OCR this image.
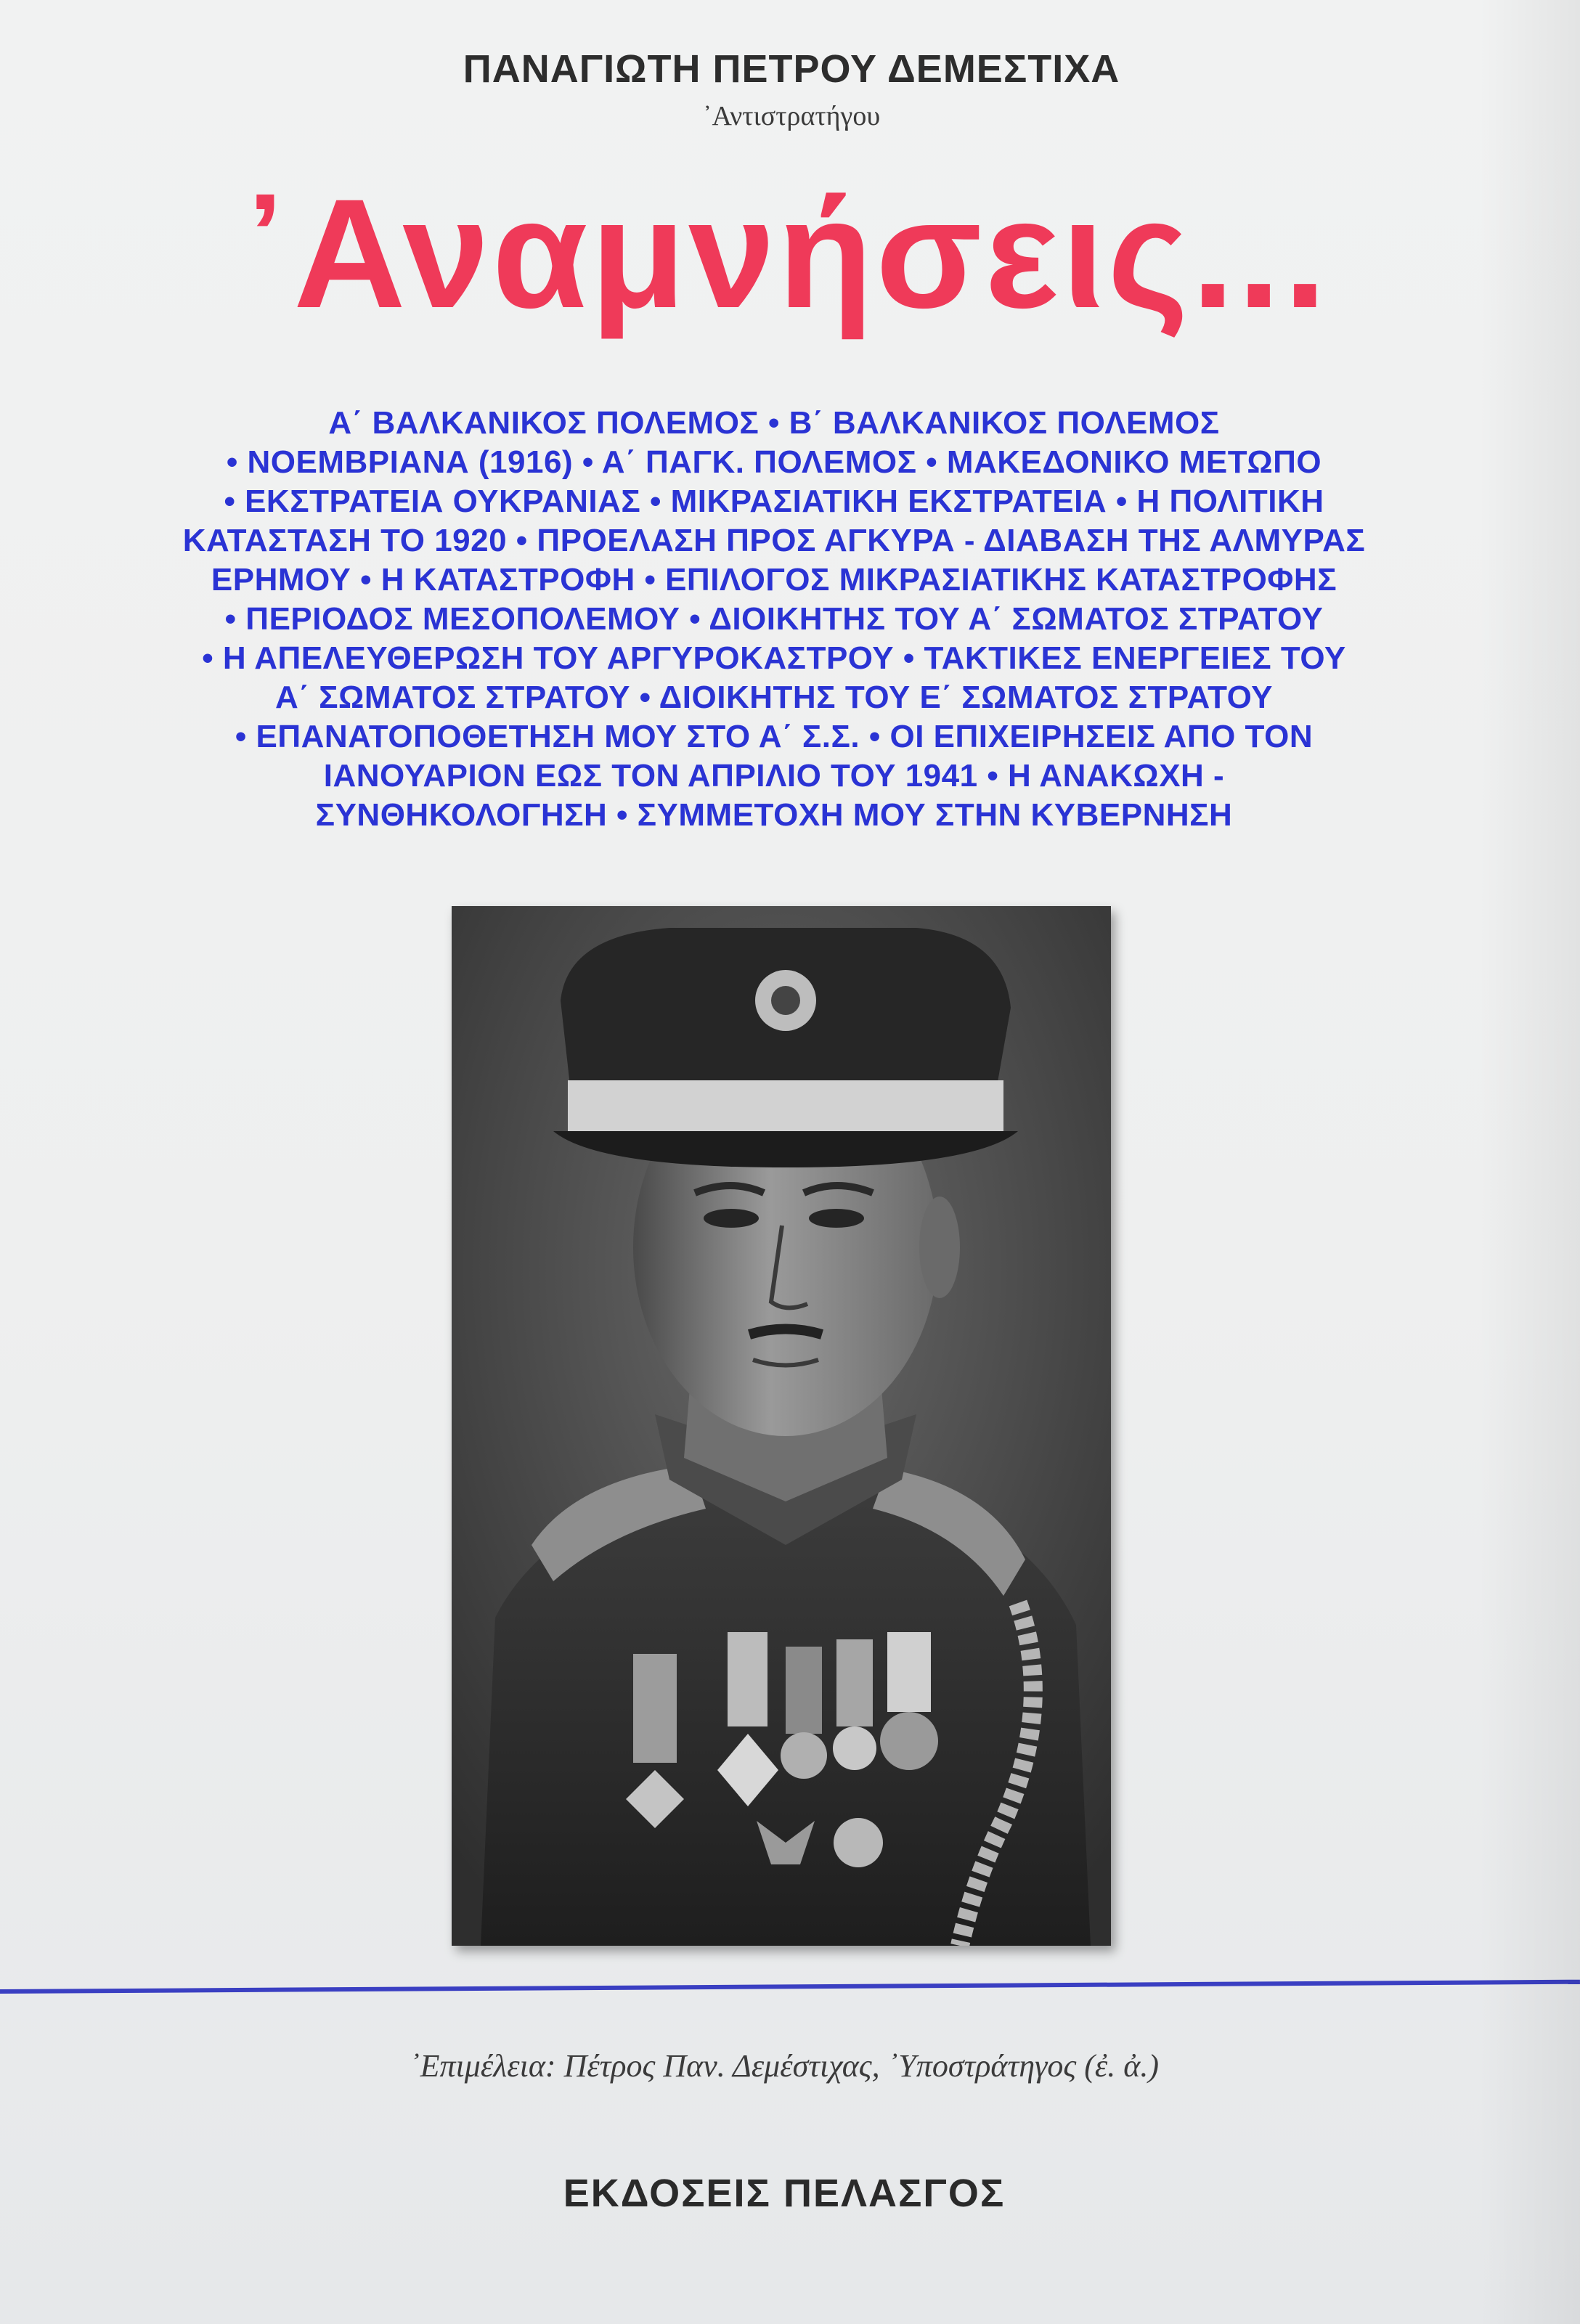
ΠΑΝΑΓΙΩΤΗ ΠΕΤΡΟΥ ΔΕΜΕΣΤΙΧΑ
᾿Αντιστρατήγου
᾿Αναμνήσεις...
Α΄ ΒΑΛΚΑΝΙΚΟΣ ΠΟΛΕΜΟΣ • Β΄ ΒΑΛΚΑΝΙΚΟΣ ΠΟΛΕΜΟΣ
• ΝΟΕΜΒΡΙΑΝΑ (1916) • Α΄ ΠΑΓΚ. ΠΟΛΕΜΟΣ • ΜΑΚΕΔΟΝΙΚΟ ΜΕΤΩΠΟ
• ΕΚΣΤΡΑΤΕΙΑ ΟΥΚΡΑΝΙΑΣ • ΜΙΚΡΑΣΙΑΤΙΚΗ ΕΚΣΤΡΑΤΕΙΑ • Η ΠΟΛΙΤΙΚΗ
ΚΑΤΑΣΤΑΣΗ ΤΟ 1920 • ΠΡΟΕΛΑΣΗ ΠΡΟΣ ΑΓΚΥΡΑ - ΔΙΑΒΑΣΗ ΤΗΣ ΑΛΜΥΡΑΣ
ΕΡΗΜΟΥ • Η ΚΑΤΑΣΤΡΟΦΗ • ΕΠΙΛΟΓΟΣ ΜΙΚΡΑΣΙΑΤΙΚΗΣ ΚΑΤΑΣΤΡΟΦΗΣ
• ΠΕΡΙΟΔΟΣ ΜΕΣΟΠΟΛΕΜΟΥ • ΔΙΟΙΚΗΤΗΣ ΤΟΥ Α΄ ΣΩΜΑΤΟΣ ΣΤΡΑΤΟΥ
• Η ΑΠΕΛΕΥΘΕΡΩΣΗ ΤΟΥ ΑΡΓΥΡΟΚΑΣΤΡΟΥ • ΤΑΚΤΙΚΕΣ ΕΝΕΡΓΕΙΕΣ ΤΟΥ
Α΄ ΣΩΜΑΤΟΣ ΣΤΡΑΤΟΥ • ΔΙΟΙΚΗΤΗΣ ΤΟΥ Ε΄ ΣΩΜΑΤΟΣ ΣΤΡΑΤΟΥ
• ΕΠΑΝΑΤΟΠΟΘΕΤΗΣΗ ΜΟΥ ΣΤΟ Α΄ Σ.Σ. • ΟΙ ΕΠΙΧΕΙΡΗΣΕΙΣ ΑΠΟ ΤΟΝ
ΙΑΝΟΥΑΡΙΟΝ ΕΩΣ ΤΟΝ ΑΠΡΙΛΙΟ ΤΟΥ 1941 • Η ΑΝΑΚΩΧΗ -
ΣΥΝΘΗΚΟΛΟΓΗΣΗ • ΣΥΜΜΕΤΟΧΗ ΜΟΥ ΣΤΗΝ ΚΥΒΕΡΝΗΣΗ
᾿Επιμέλεια: Πέτρος Παν. Δεμέστιχας, ᾿Υποστράτηγος (ἐ. ἀ.)
ΕΚΔΟΣΕΙΣ ΠΕΛΑΣΓΟΣ
